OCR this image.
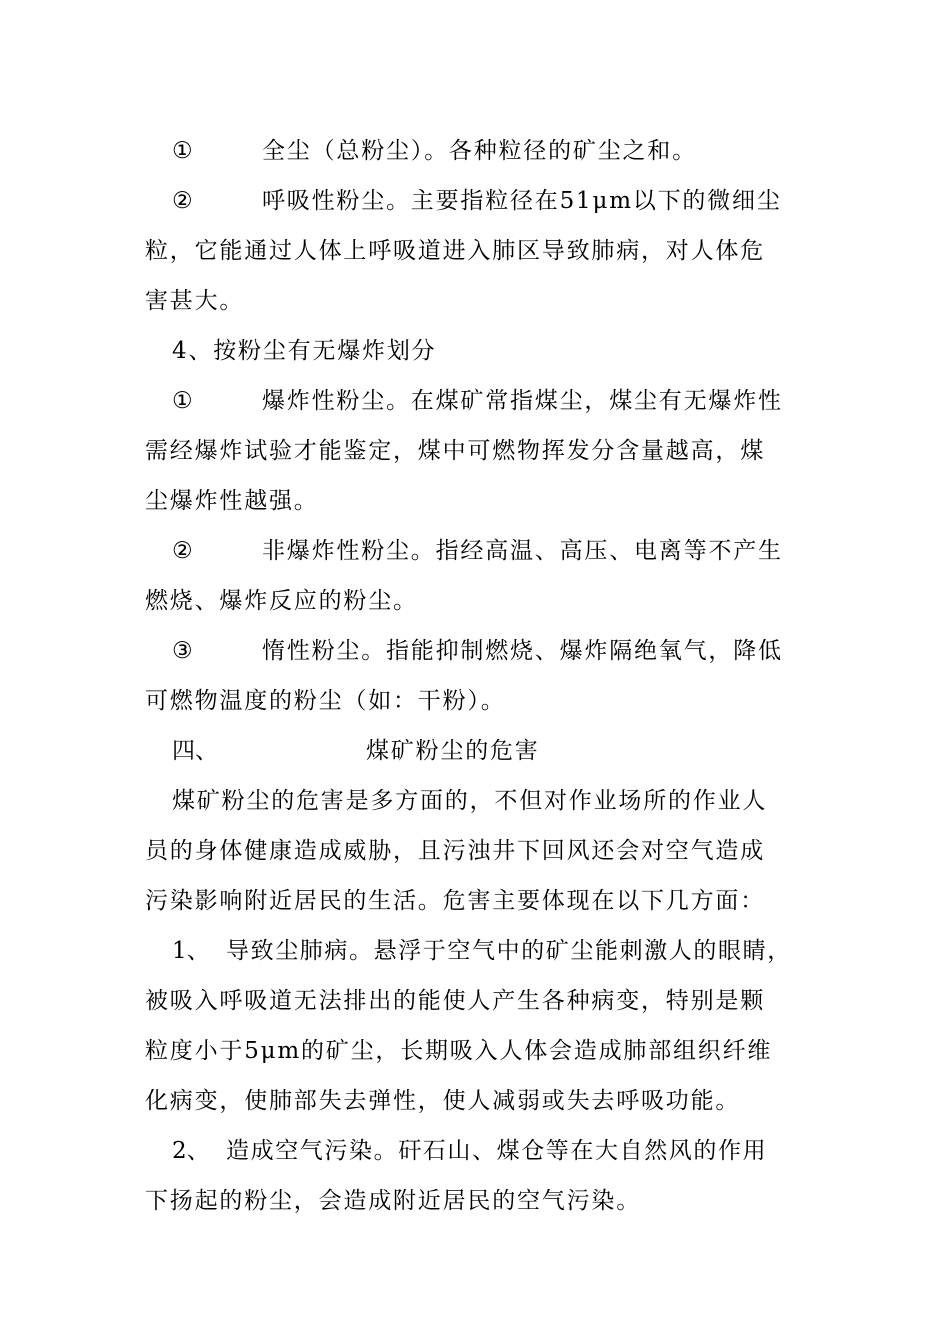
①	全尘（总粉尘）。各种粒径的矿尘之和。
②	呼吸性粉尘。主要指粒径在51μm以下的微细尘
粒，它能通过人体上呼吸道进入肺区导致肺病，对人体危
害甚大。
4、按粉尘有无爆炸划分
①	爆炸性粉尘。在煤矿常指煤尘，煤尘有无爆炸性
需经爆炸试验才能鉴定，煤中可燃物挥发分含量越高，煤
尘爆炸性越强。
②	非爆炸性粉尘。指经高温、高压、电离等不产生
燃烧、爆炸反应的粉尘。
③	惰性粉尘。指能抑制燃烧、爆炸隔绝氧气，降低
可燃物温度的粉尘（如：干粉）。
四、	煤矿粉尘的危害
煤矿粉尘的危害是多方面的，不但对作业场所的作业人
员的身体健康造成威胁，且污浊井下回风还会对空气造成
污染影响附近居民的生活。危害主要体现在以下几方面：
1、 导致尘肺病。悬浮于空气中的矿尘能刺激人的眼睛，
被吸入呼吸道无法排出的能使人产生各种病变，特别是颗
粒度小于5μm的矿尘，长期吸入人体会造成肺部组织纤维
化病变，使肺部失去弹性，使人减弱或失去呼吸功能。
2、 造成空气污染。矸石山、煤仓等在大自然风的作用
下扬起的粉尘，会造成附近居民的空气污染。
